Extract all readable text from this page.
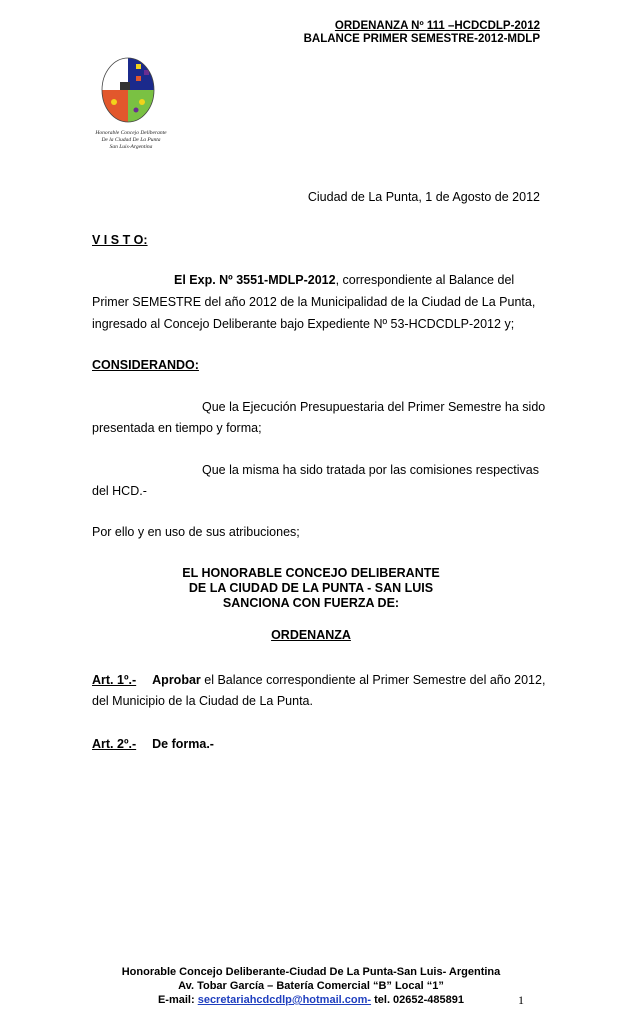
ORDENANZA Nº 111 –HCDCDLP-2012
BALANCE PRIMER SEMESTRE-2012-MDLP
Honorable Concejo Deliberante
De la Ciudad De La Punta
San Luis-Argentina
Ciudad de La Punta, 1 de Agosto de 2012
V I S T O:
El Exp. Nº 3551-MDLP-2012, correspondiente al Balance del
Primer SEMESTRE del año 2012 de la Municipalidad de la Ciudad de La Punta,
ingresado al Concejo Deliberante bajo Expediente Nº 53-HCDCDLP-2012 y;
CONSIDERANDO:
Que la Ejecución Presupuestaria del Primer Semestre ha sido
presentada en tiempo y forma;
Que la misma ha sido tratada por las comisiones respectivas
del HCD.-
Por ello y en uso de sus atribuciones;
EL HONORABLE CONCEJO DELIBERANTE
DE LA CIUDAD DE LA PUNTA - SAN LUIS
SANCIONA CON FUERZA DE:
ORDENANZA
Art. 1º.- Aprobar el Balance correspondiente al Primer Semestre del año 2012,
del Municipio de la Ciudad de La Punta.
Art. 2º.- De forma.-
Honorable Concejo Deliberante-Ciudad De La Punta-San Luis- Argentina
Av. Tobar García – Batería Comercial “B” Local “1”
E-mail: secretariahcdcdlp@hotmail.com- tel. 02652-485891	1
